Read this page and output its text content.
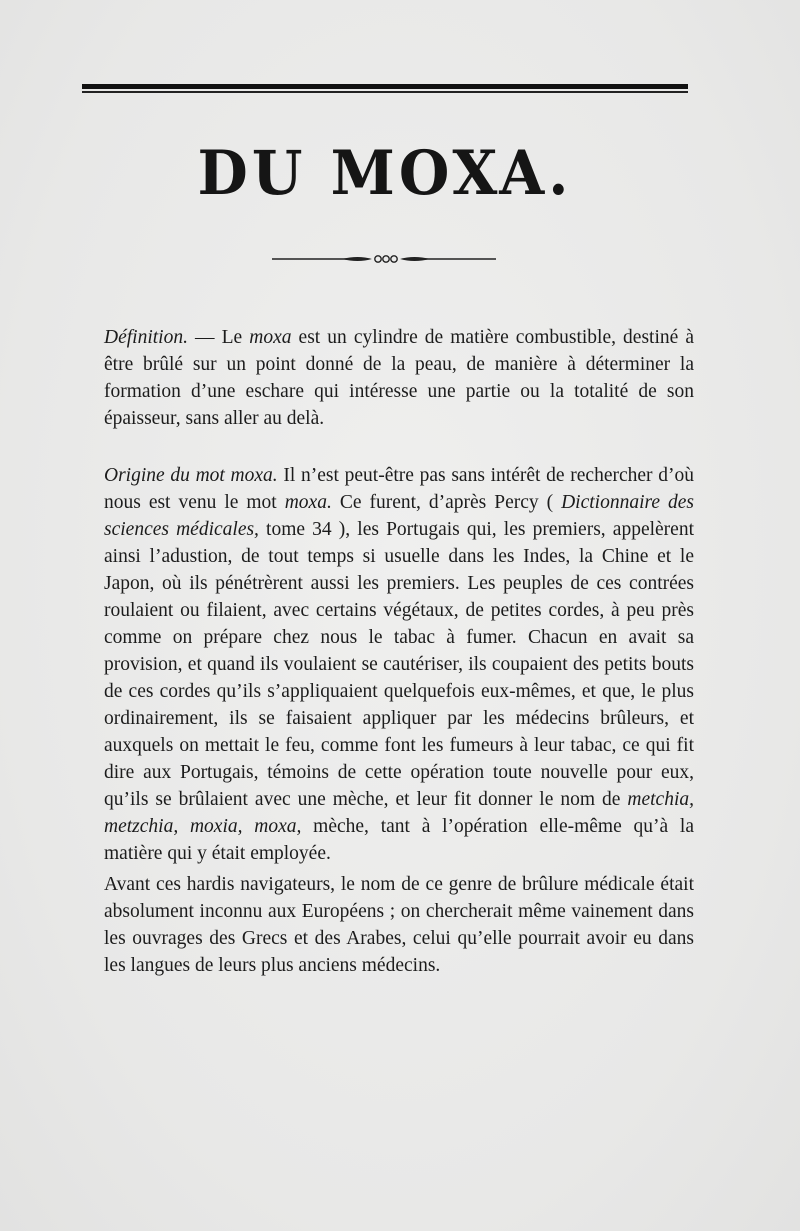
DU MOXA.

Définition. — Le moxa est un cylindre de matière combustible, destiné à être brûlé sur un point donné de la peau, de manière à déterminer la formation d’une eschare qui intéresse une partie ou la totalité de son épaisseur, sans aller au delà.

Origine du mot moxa. Il n’est peut-être pas sans intérêt de rechercher d’où nous est venu le mot moxa. Ce furent, d’après Percy ( Dictionnaire des sciences médicales, tome 34 ), les Portugais qui, les premiers, appelèrent ainsi l’adustion, de tout temps si usuelle dans les Indes, la Chine et le Japon, où ils pénétrèrent aussi les premiers. Les peuples de ces contrées roulaient ou filaient, avec certains végétaux, de petites cordes, à peu près comme on prépare chez nous le tabac à fumer. Chacun en avait sa provision, et quand ils voulaient se cautériser, ils coupaient des petits bouts de ces cordes qu’ils s’appliquaient quelquefois eux-mêmes, et que, le plus ordinairement, ils se faisaient appliquer par les médecins brûleurs, et auxquels on mettait le feu, comme font les fumeurs à leur tabac, ce qui fit dire aux Portugais, témoins de cette opération toute nouvelle pour eux, qu’ils se brûlaient avec une mèche, et leur fit donner le nom de metchia, metzchia, moxia, moxa, mèche, tant à l’opération elle-même qu’à la matière qui y était employée.

Avant ces hardis navigateurs, le nom de ce genre de brûlure médicale était absolument inconnu aux Européens ; on chercherait même vainement dans les ouvrages des Grecs et des Arabes, celui qu’elle pourrait avoir eu dans les langues de leurs plus anciens médecins.
